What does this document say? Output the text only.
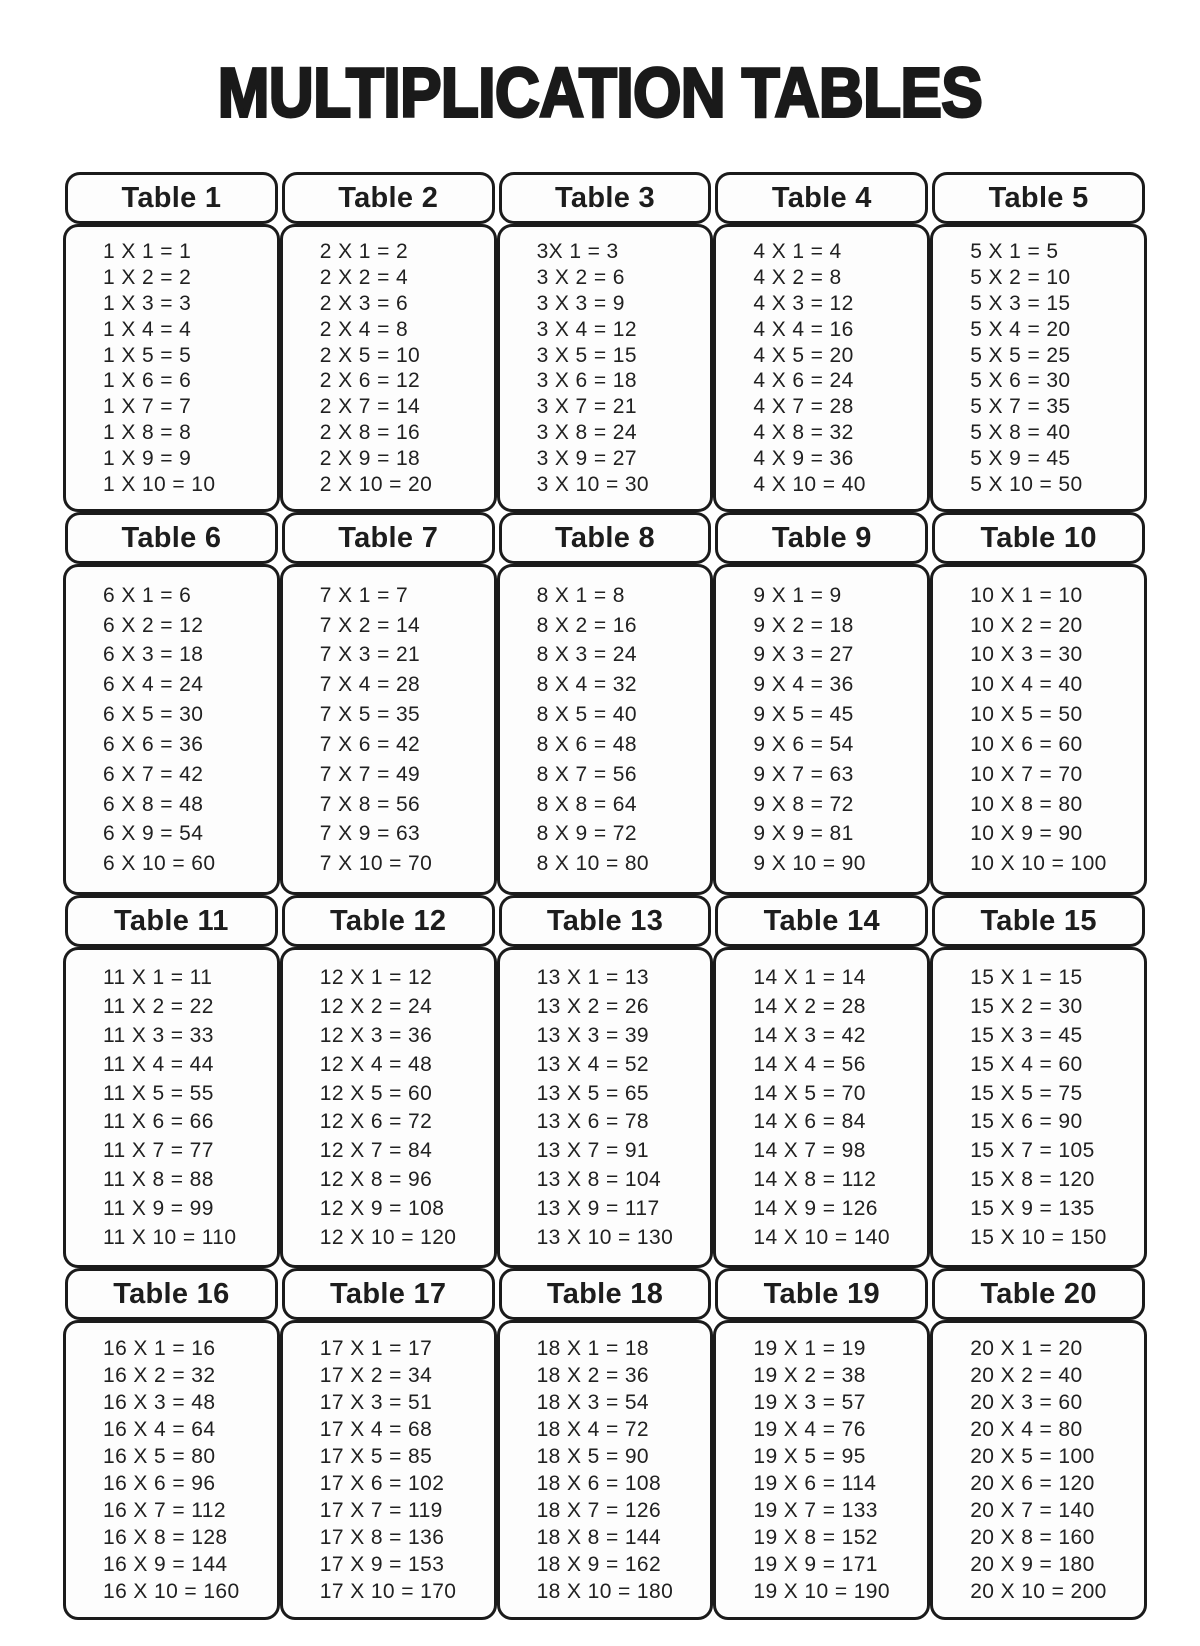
MULTIPLICATION TABLES
Table 1
1 X 1 = 1
1 X 2 = 2
1 X 3 = 3
1 X 4 = 4
1 X 5 = 5
1 X 6 = 6
1 X 7 = 7
1 X 8 = 8
1 X 9 = 9
1 X 10 = 10
Table 2
2 X 1 = 2
2 X 2 = 4
2 X 3 = 6
2 X 4 = 8
2 X 5 = 10
2 X 6 = 12
2 X 7 = 14
2 X 8 = 16
2 X 9 = 18
2 X 10 = 20
Table 3
3X 1 = 3
3 X 2 = 6
3 X 3 = 9
3 X 4 = 12
3 X 5 = 15
3 X 6 = 18
3 X 7 = 21
3 X 8 = 24
3 X 9 = 27
3 X 10 = 30
Table 4
4 X 1 = 4
4 X 2 = 8
4 X 3 = 12
4 X 4 = 16
4 X 5 = 20
4 X 6 = 24
4 X 7 = 28
4 X 8 = 32
4 X 9 = 36
4 X 10 = 40
Table 5
5 X 1 = 5
5 X 2 = 10
5 X 3 = 15
5 X 4 = 20
5 X 5 = 25
5 X 6 = 30
5 X 7 = 35
5 X 8 = 40
5 X 9 = 45
5 X 10 = 50
Table 6
6 X 1 = 6
6 X 2 = 12
6 X 3 = 18
6 X 4 = 24
6 X 5 = 30
6 X 6 = 36
6 X 7 = 42
6 X 8 = 48
6 X 9 = 54
6 X 10 = 60
Table 7
7 X 1 = 7
7 X 2 = 14
7 X 3 = 21
7 X 4 = 28
7 X 5 = 35
7 X 6 = 42
7 X 7 = 49
7 X 8 = 56
7 X 9 = 63
7 X 10 = 70
Table 8
8 X 1 = 8
8 X 2 = 16
8 X 3 = 24
8 X 4 = 32
8 X 5 = 40
8 X 6 = 48
8 X 7 = 56
8 X 8 = 64
8 X 9 = 72
8 X 10 = 80
Table 9
9 X 1 = 9
9 X 2 = 18
9 X 3 = 27
9 X 4 = 36
9 X 5 = 45
9 X 6 = 54
9 X 7 = 63
9 X 8 = 72
9 X 9 = 81
9 X 10 = 90
Table 10
10 X 1 = 10
10 X 2 = 20
10 X 3 = 30
10 X 4 = 40
10 X 5 = 50
10 X 6 = 60
10 X 7 = 70
10 X 8 = 80
10 X 9 = 90
10 X 10 = 100
Table 11
11 X 1 = 11
11 X 2 = 22
11 X 3 = 33
11 X 4 = 44
11 X 5 = 55
11 X 6 = 66
11 X 7 = 77
11 X 8 = 88
11 X 9 = 99
11 X 10 = 110
Table 12
12 X 1 = 12
12 X 2 = 24
12 X 3 = 36
12 X 4 = 48
12 X 5 = 60
12 X 6 = 72
12 X 7 = 84
12 X 8 = 96
12 X 9 = 108
12 X 10 = 120
Table 13
13 X 1 = 13
13 X 2 = 26
13 X 3 = 39
13 X 4 = 52
13 X 5 = 65
13 X 6 = 78
13 X 7 = 91
13 X 8 = 104
13 X 9 = 117
13 X 10 = 130
Table 14
14 X 1 = 14
14 X 2 = 28
14 X 3 = 42
14 X 4 = 56
14 X 5 = 70
14 X 6 = 84
14 X 7 = 98
14 X 8 = 112
14 X 9 = 126
14 X 10 = 140
Table 15
15 X 1 = 15
15 X 2 = 30
15 X 3 = 45
15 X 4 = 60
15 X 5 = 75
15 X 6 = 90
15 X 7 = 105
15 X 8 = 120
15 X 9 = 135
15 X 10 = 150
Table 16
16 X 1 = 16
16 X 2 = 32
16 X 3 = 48
16 X 4 = 64
16 X 5 = 80
16 X 6 = 96
16 X 7 = 112
16 X 8 = 128
16 X 9 = 144
16 X 10 = 160
Table 17
17 X 1 = 17
17 X 2 = 34
17 X 3 = 51
17 X 4 = 68
17 X 5 = 85
17 X 6 = 102
17 X 7 = 119
17 X 8 = 136
17 X 9 = 153
17 X 10 = 170
Table 18
18 X 1 = 18
18 X 2 = 36
18 X 3 = 54
18 X 4 = 72
18 X 5 = 90
18 X 6 = 108
18 X 7 = 126
18 X 8 = 144
18 X 9 = 162
18 X 10 = 180
Table 19
19 X 1 = 19
19 X 2 = 38
19 X 3 = 57
19 X 4 = 76
19 X 5 = 95
19 X 6 = 114
19 X 7 = 133
19 X 8 = 152
19 X 9 = 171
19 X 10 = 190
Table 20
20 X 1 = 20
20 X 2 = 40
20 X 3 = 60
20 X 4 = 80
20 X 5 = 100
20 X 6 = 120
20 X 7 = 140
20 X 8 = 160
20 X 9 = 180
20 X 10 = 200
